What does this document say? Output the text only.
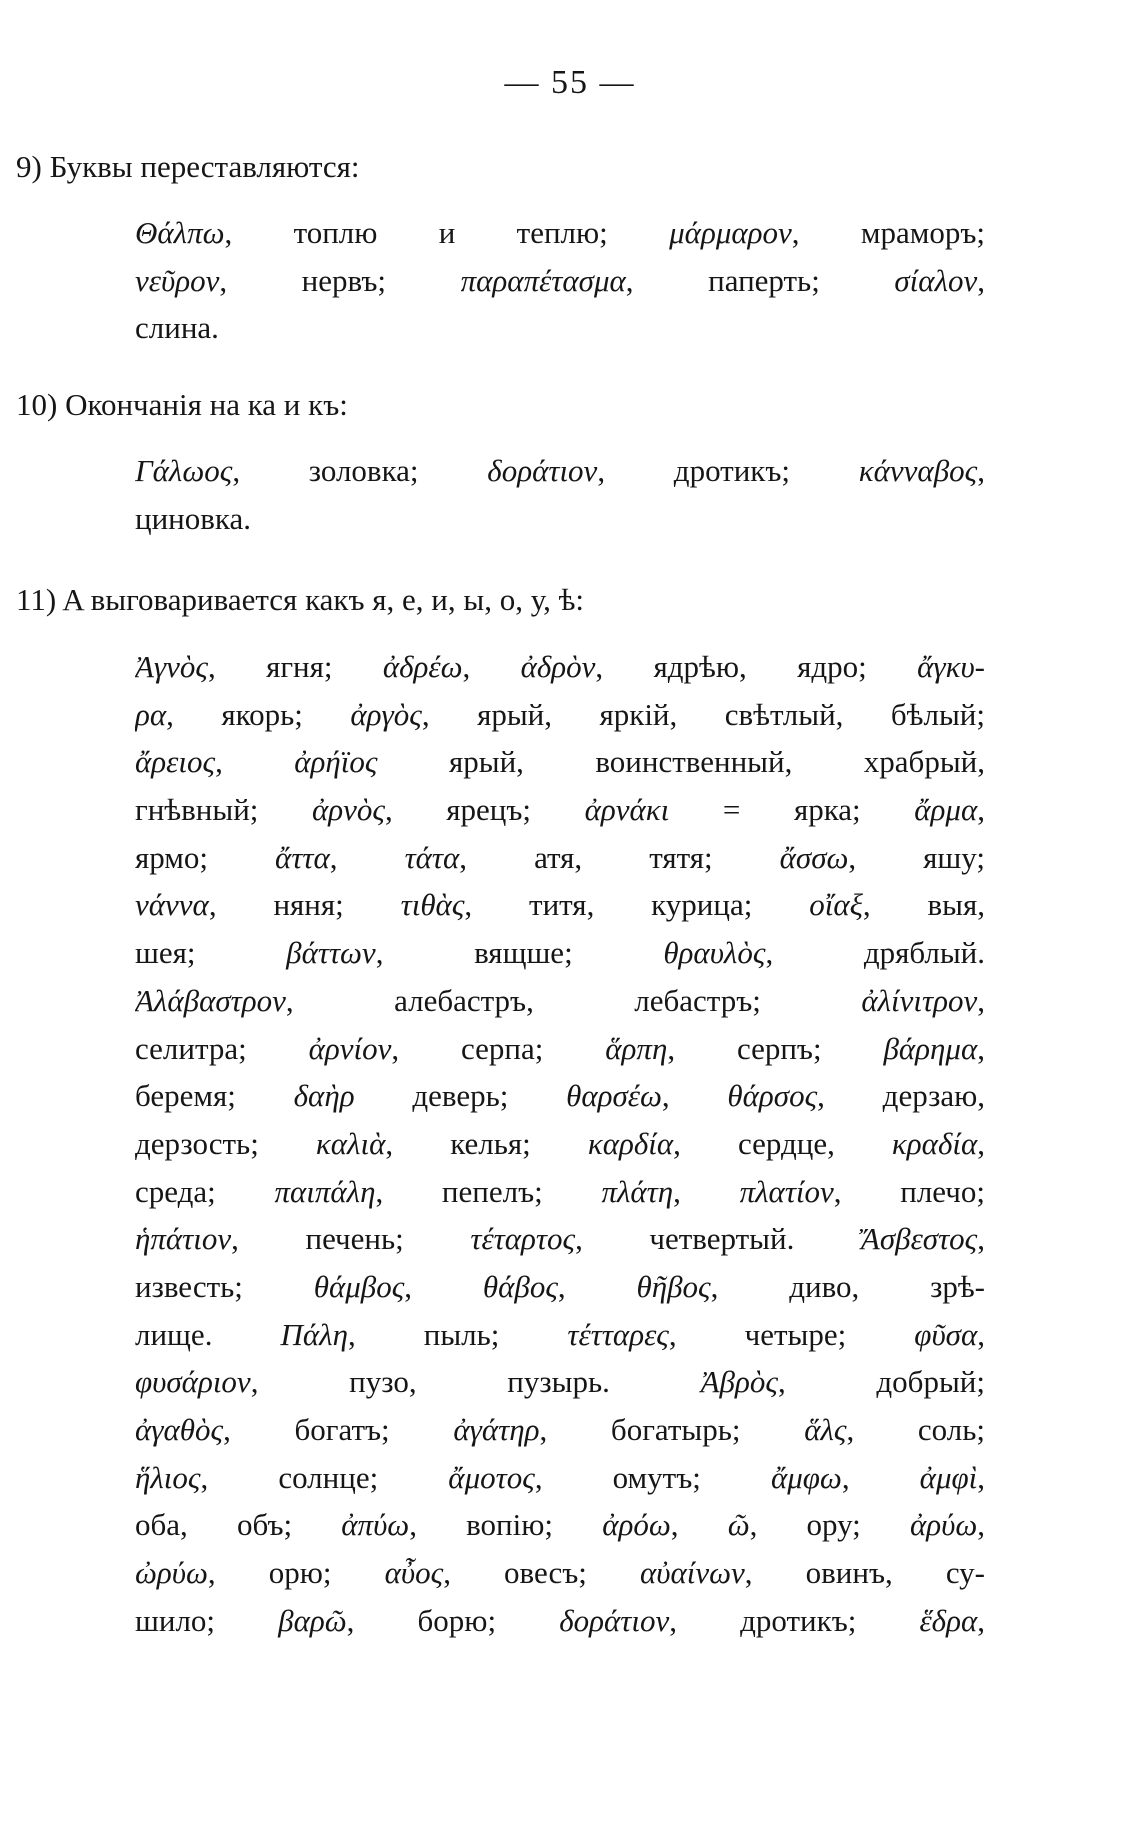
— 55 —
9) Буквы переставляются:
Θάλπω, топлю и теплю; μάρμαρον, мраморъ;
νεῦρον, нервъ; παραπέτασμα, паперть; σίαλον,
слина.
10) Окончанія на ка и къ:
Γάλωος, золовка; δοράτιον, дротикъ; κάνναβος,
циновка.
11) Α выговаривается какъ я, е, и, ы, о, у, ѣ:
Ἀγνὸς, ягня; ἀδρέω, ἀδρὸν, ядрѣю, ядро; ἄγκυ-
ρα, якорь; ἀργὸς, ярый, яркій, свѣтлый, бѣлый;
ἄρειος, ἀρήϊος ярый, воинственный, храбрый,
гнѣвный; ἀρνὸς, ярецъ; ἀρνάκι = ярка; ἄρμα,
ярмо; ἄττα, τάτα, атя, тятя; ἄσσω, яшу;
νάννα, няня; τιθὰς, титя, курица; οἴαξ, выя,
шея; βάττων, вящше; θραυλὸς, дряблый.
Ἀλάβαστρον, алебастръ, лебастръ; ἀλίνιτρον,
селитра; ἀρνίον, серпа; ἅρπη, серпъ; βάρημα,
беремя; δαὴρ деверь; θαρσέω, θάρσος, дерзаю,
дерзость; καλιὰ, келья; καρδία, сердце, κραδία,
среда; παιπάλη, пепелъ; πλάτη, πλατίον, плечо;
ἡπάτιον, печень; τέταρτος, четвертый. Ἄσβεστος,
известь; θάμβος, θάβος, θῆβος, диво, зрѣ-
лище. Πάλη, пыль; τέτταρες, четыре; φῦσα,
φυσάριον, пузо, пузырь. Ἀβρὸς, добрый;
ἀγαθὸς, богатъ; ἀγάτηρ, богатырь; ἅλς, соль;
ἥλιος, солнце; ἄμοτος, омутъ; ἄμφω, ἀμφὶ,
оба, объ; ἀπύω, вопію; ἀρόω, ῶ, ору; ἀρύω,
ὠρύω, орю; αὖος, овесъ; αὐαίνων, овинъ, су-
шило; βαρῶ, борю; δοράτιον, дротикъ; ἕδρα,
